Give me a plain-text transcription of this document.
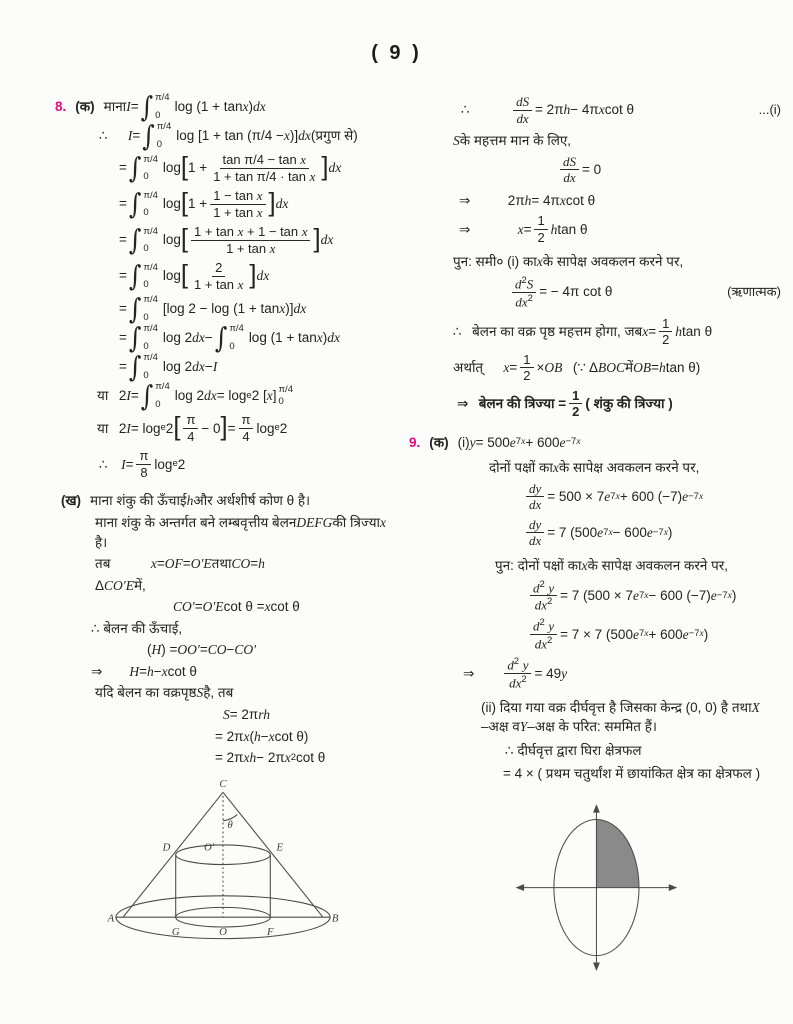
( 9 )
8. (क) माना I = ∫ π/4
0
log (1 + tan x ) dx
∴   I = ∫ π/4
0
log [1 + tan (π/4 − x )] dx (प्रगुण से)
= ∫ π/4
0
log [ $1 + \frac{\text{tan π/4 − tan x}}{\text{1 + tan π/4 · tan x}}$ ] dx
= ∫ π/4
0
log [ $1 + \frac{\text{1 − tan x}}{\text{1 + tan x}}$ ] dx
= ∫ π/4
0
log [ $\frac{\text{1 + tan x + 1 − tan x}}{\text{1 + tan x}}$ ] dx
= ∫ π/4
0
log [ $\frac{2}{\text{1 + tan x}}$ ] dx
= ∫ π/4
0
[log 2 − log (1 + tan x )] dx
= ∫ π/4
0
log 2 dx − ∫ π/4
0
log (1 + tan x ) dx
= ∫ π/4
0
log 2 dx − I
या  2 I = ∫ π/4
0
log 2 dx = log e 2 [ x ] π/4
0
या  2 I = log e 2 [ $\frac{\pi}{4} - 0$ ] = $\frac{\pi}{4}$ log e 2
∴  $I = \frac{\pi}{8}$ log e 2
(ख) माना शंकु की ऊँचाई h और अर्धशीर्ष कोण θ है।
माना शंकु के अन्तर्गत बने लम्बवृत्तीय बेलन DEFG की त्रिज्या x
है।
तब    x = OF = O′E तथा CO = h
Δ CO′E में,
CO′ = O′E cot θ = x cot θ
∴ बेलन की ऊँचाई,
( H ) = OO′ = CO − CO′
⇒   H = h − x cot θ
यदि बेलन का वक्रपृष्ठ S है, तब
S = 2π rh
= 2π x ( h − x cot θ)
= 2π xh − 2π x 2 cot θ
C
θ
O′
D	E
A	B
G	O	F
∴    $\frac{dS}{dx} = 2\pi$ h − 4π x cot θ	...(i)
S के महत्तम मान के लिए,
$\frac{dS}{dx} = 0$
⇒    2π h = 4π x cot θ
⇒     $x = \frac{1}{2}$ h tan θ
पुन: समी० (i) का x के सापेक्ष अवकलन करने पर,
$\frac{d^2S}{dx^2}$ = − 4π cot θ	(ऋणात्मक)
∴  बेलन का वक्र पृष्ठ महत्तम होगा, जब $x = \frac{1}{2}$ h tan θ
अर्थात्   $x = \frac{1}{2}$ × OB   (∵ Δ BOC में OB = h tan θ)
⇒  बेलन की त्रिज्या = $\frac{1}{2}$ ( शंकु की त्रिज्या )
9. (क) (i) y = 500 e 7x + 600 e −7x
दोनों पक्षों का x के सापेक्ष अवकलन करने पर,
$\frac{dy}{dx} = 500 \times 7$ e 7x + 600 (−7) e −7x
$\frac{dy}{dx} = 7$ (500 e 7x − 600 e −7x )
पुन: दोनों पक्षों का x के सापेक्ष अवकलन करने पर,
$\frac{d^2 y}{dx^2} = 7$ (500 × 7 e 7x − 600 (−7) e −7x )
$\frac{d^2 y}{dx^2} = 7 \times 7$ (500 e 7x + 600 e −7x )
⇒   $\frac{d^2 y}{dx^2} = 49$ y
(ii) दिया गया वक्र दीर्घवृत्त है जिसका केन्द्र (0, 0) है तथा X
–अक्ष व Y –अक्ष के परित: सममित हैं।
∴ दीर्घवृत्त द्वारा घिरा क्षेत्रफल
= 4 × ( प्रथम चतुर्थांश में छायांकित क्षेत्र का क्षेत्रफल )
